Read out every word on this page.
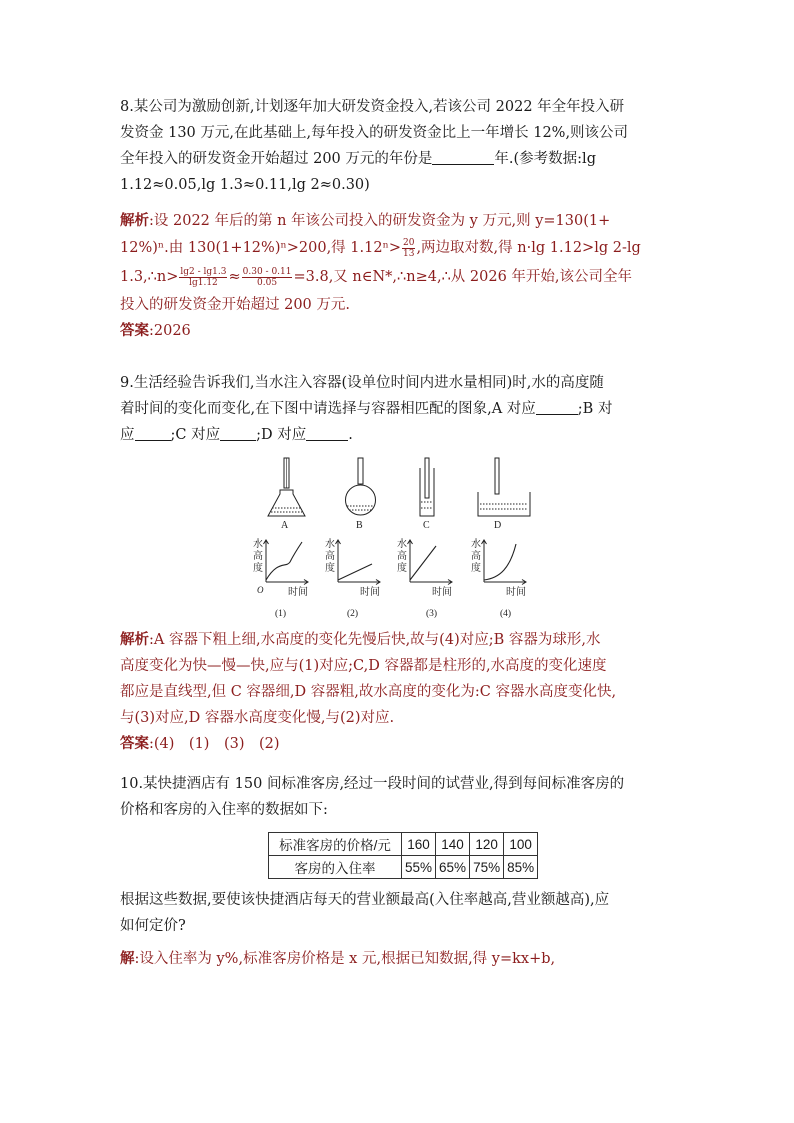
8.某公司为激励创新,计划逐年加大研发资金投入,若该公司 2022 年全年投入研
发资金 130 万元,在此基础上,每年投入的研发资金比上一年增长 12%,则该公司
全年投入的研发资金开始超过 200 万元的年份是	年.(参考数据:lg
1.12≈0.05,lg 1.3≈0.11,lg 2≈0.30)
解析:设 2022 年后的第 n 年该公司投入的研发资金为 y 万元,则 y=130(1+
12%)ⁿ.由 130(1+12%)ⁿ>200,得 $1.12^n> \frac{20}{13}$ ,两边取对数,得 n·lg 1.12>lg 2-lg
1.3,∴n> $\frac{\lg 2 - \lg 1.3}{\lg 1.12} \approx \frac{0.30 - 0.11}{0.05} =3.8$,又 n∈N*,∴n≥4,∴从 2026 年开始,该公司全年
投入的研发资金开始超过 200 万元.
答案:2026
9.生活经验告诉我们,当水注入容器(设单位时间内进水量相同)时,水的高度随
着时间的变化而变化,在下图中请选择与容器相匹配的图象,A 对应	;B 对
应 ;C 对应 ;D 对应	.
A	B	C	D
水
高
度
O 时间
(1)
水
高
度
时间
(2)
水
高
度
时间
(3)
水
高
度
时间
(4)
解析:A 容器下粗上细,水高度的变化先慢后快,故与(4)对应;B 容器为球形,水
高度变化为快—慢—快,应与(1)对应;C,D 容器都是柱形的,水高度的变化速度
都应是直线型,但 C 容器细,D 容器粗,故水高度的变化为:C 容器水高度变化快,
与(3)对应,D 容器水高度变化慢,与(2)对应.
答案:(4)　(1)　(3)　(2)
10.某快捷酒店有 150 间标准客房,经过一段时间的试营业,得到每间标准客房的
价格和客房的入住率的数据如下:
标准客房的价格/元	160	140	120	100
客房的入住率	55%	65%	75%	85%
根据这些数据,要使该快捷酒店每天的营业额最高(入住率越高,营业额越高),应
如何定价?
解:设入住率为 y%,标准客房价格是 x 元,根据已知数据,得 y=kx+b,
